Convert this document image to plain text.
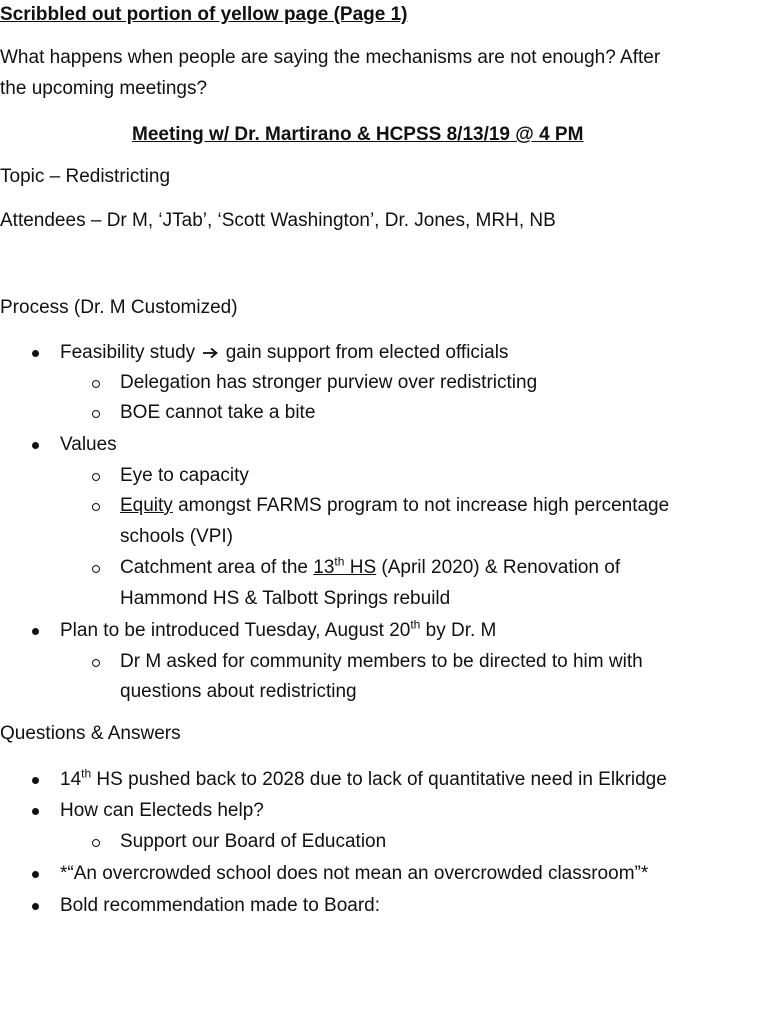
Scribbled out portion of yellow page (Page 1)
What happens when people are saying the mechanisms are not enough? After
the upcoming meetings?
Meeting w/ Dr. Martirano & HCPSS 8/13/19 @ 4 PM
Topic – Redistricting
Attendees – Dr M, ‘JTab’, ‘Scott Washington’, Dr. Jones, MRH, NB
Process (Dr. M Customized)
Feasibility study gain support from elected officials
Delegation has stronger purview over redistricting
BOE cannot take a bite
Values
Eye to capacity
Equity amongst FARMS program to not increase high percentage
schools (VPI)
Catchment area of the 13th HS (April 2020) & Renovation of
Hammond HS & Talbott Springs rebuild
Plan to be introduced Tuesday, August 20th by Dr. M
Dr M asked for community members to be directed to him with
questions about redistricting
Questions & Answers
14th HS pushed back to 2028 due to lack of quantitative need in Elkridge
How can Electeds help?
Support our Board of Education
*“An overcrowded school does not mean an overcrowded classroom”*
Bold recommendation made to Board:
